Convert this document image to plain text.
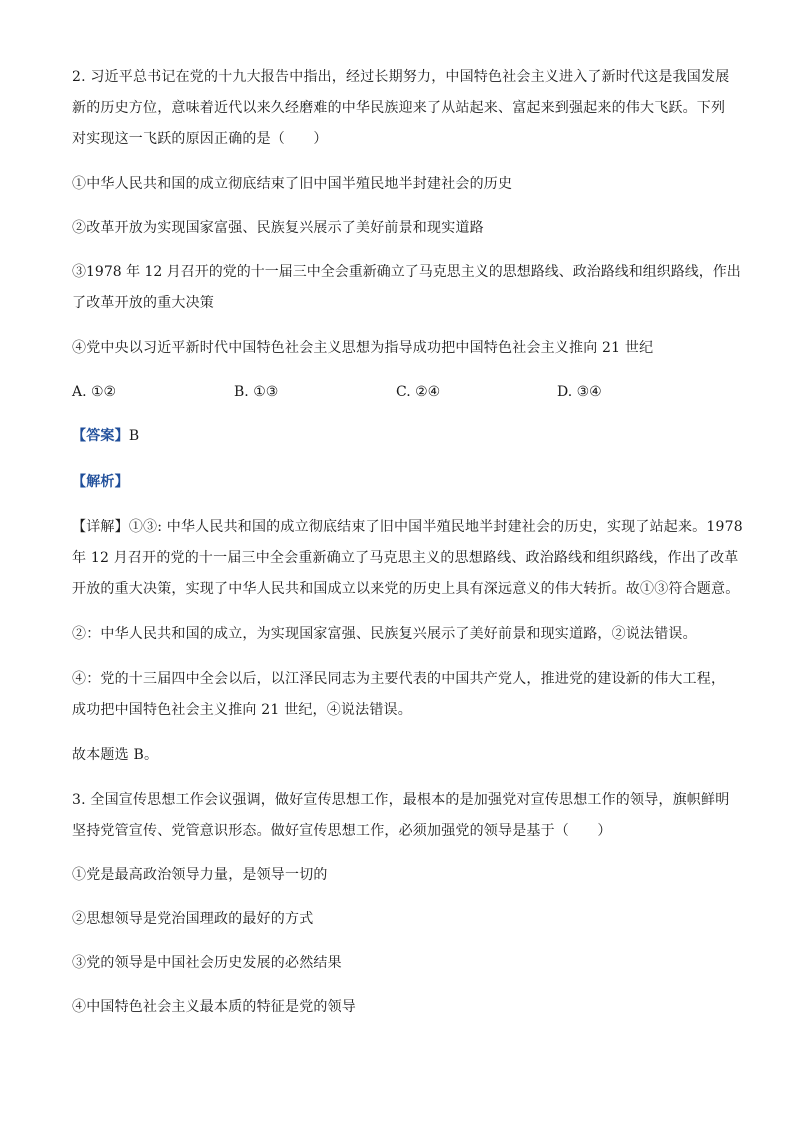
2. 习近平总书记在党的十九大报告中指出，经过长期努力，中国特色社会主义进入了新时代这是我国发展
新的历史方位，意味着近代以来久经磨难的中华民族迎来了从站起来、富起来到强起来的伟大飞跃。下列
对实现这一飞跃的原因正确的是（　　）
①中华人民共和国的成立彻底结束了旧中国半殖民地半封建社会的历史
②改革开放为实现国家富强、民族复兴展示了美好前景和现实道路
③1978 年 12 月召开的党的十一届三中全会重新确立了马克思主义的思想路线、政治路线和组织路线，作出
了改革开放的重大决策
④党中央以习近平新时代中国特色社会主义思想为指导成功把中国特色社会主义推向 21 世纪
A. ①②	B. ①③	C. ②④	D. ③④
【答案】B
【解析】
【详解】①③: 中华人民共和国的成立彻底结束了旧中国半殖民地半封建社会的历史，实现了站起来。1978
年 12 月召开的党的十一届三中全会重新确立了马克思主义的思想路线、政治路线和组织路线，作出了改革
开放的重大决策，实现了中华人民共和国成立以来党的历史上具有深远意义的伟大转折。故①③符合题意。
②：中华人民共和国的成立，为实现国家富强、民族复兴展示了美好前景和现实道路，②说法错误。
④：党的十三届四中全会以后，以江泽民同志为主要代表的中国共产党人，推进党的建设新的伟大工程，
成功把中国特色社会主义推向 21 世纪，④说法错误。
故本题选 B。
3. 全国宣传思想工作会议强调，做好宣传思想工作，最根本的是加强党对宣传思想工作的领导，旗帜鲜明
坚持党管宣传、党管意识形态。做好宣传思想工作，必须加强党的领导是基于（　　）
①党是最高政治领导力量，是领导一切的
②思想领导是党治国理政的最好的方式
③党的领导是中国社会历史发展的必然结果
④中国特色社会主义最本质的特征是党的领导
